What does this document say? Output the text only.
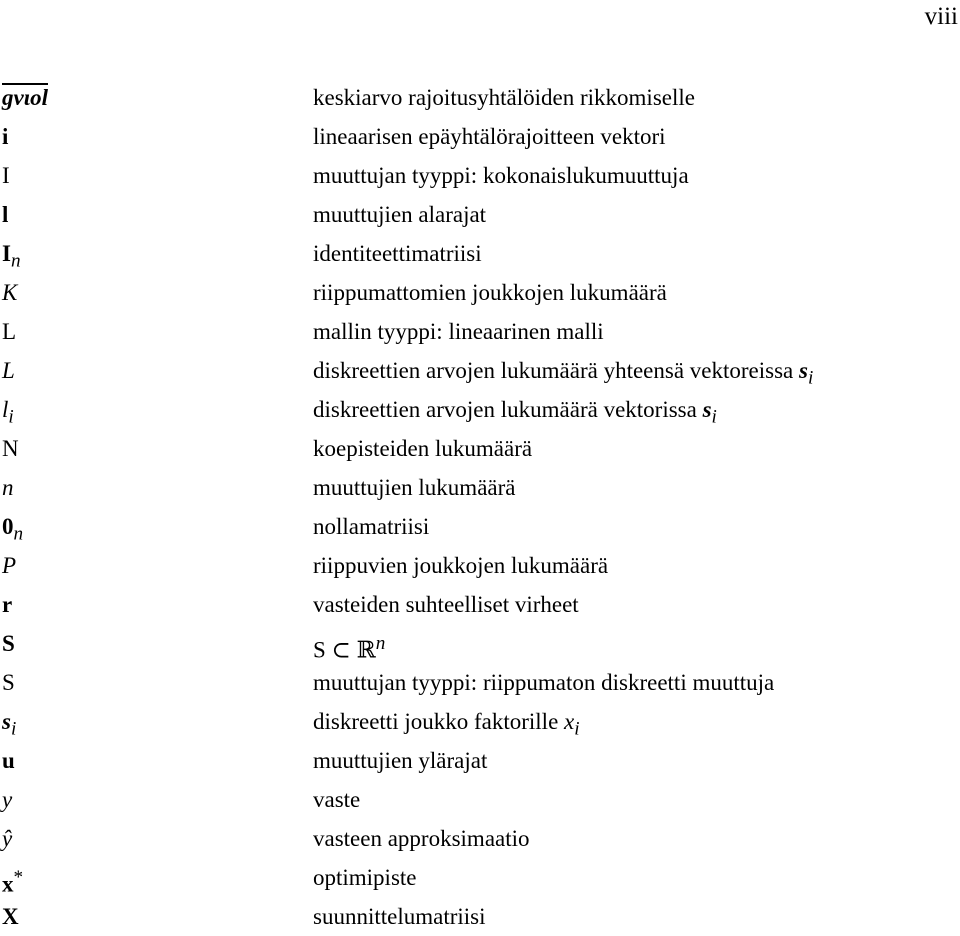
viii
gνιοl	keskiarvo rajoitusyhtälöiden rikkomiselle
i	lineaarisen epäyhtälörajoitteen vektori
I	muuttujan tyyppi: kokonaislukumuuttuja
l	muuttujien alarajat
$I_n$	identiteettimatriisi
K	riippumattomien joukkojen lukumäärä
L	mallin tyyppi: lineaarinen malli
L	diskreettien arvojen lukumäärä yhteensä vektoreissa $s_i$
$l_i$	diskreettien arvojen lukumäärä vektorissa $s_i$
N	koepisteiden lukumäärä
n	muuttujien lukumäärä
$0_n$	nollamatriisi
P	riippuvien joukkojen lukumäärä
r	vasteiden suhteelliset virheet
S	S ⊂ ℝ$^n$
S	muuttujan tyyppi: riippumaton diskreetti muuttuja
$s_i$	diskreetti joukko faktorille $x_i$
u	muuttujien ylärajat
y	vaste
ŷ	vasteen approksimaatio
x*	optimipiste
X	suunnittelumatriisi
